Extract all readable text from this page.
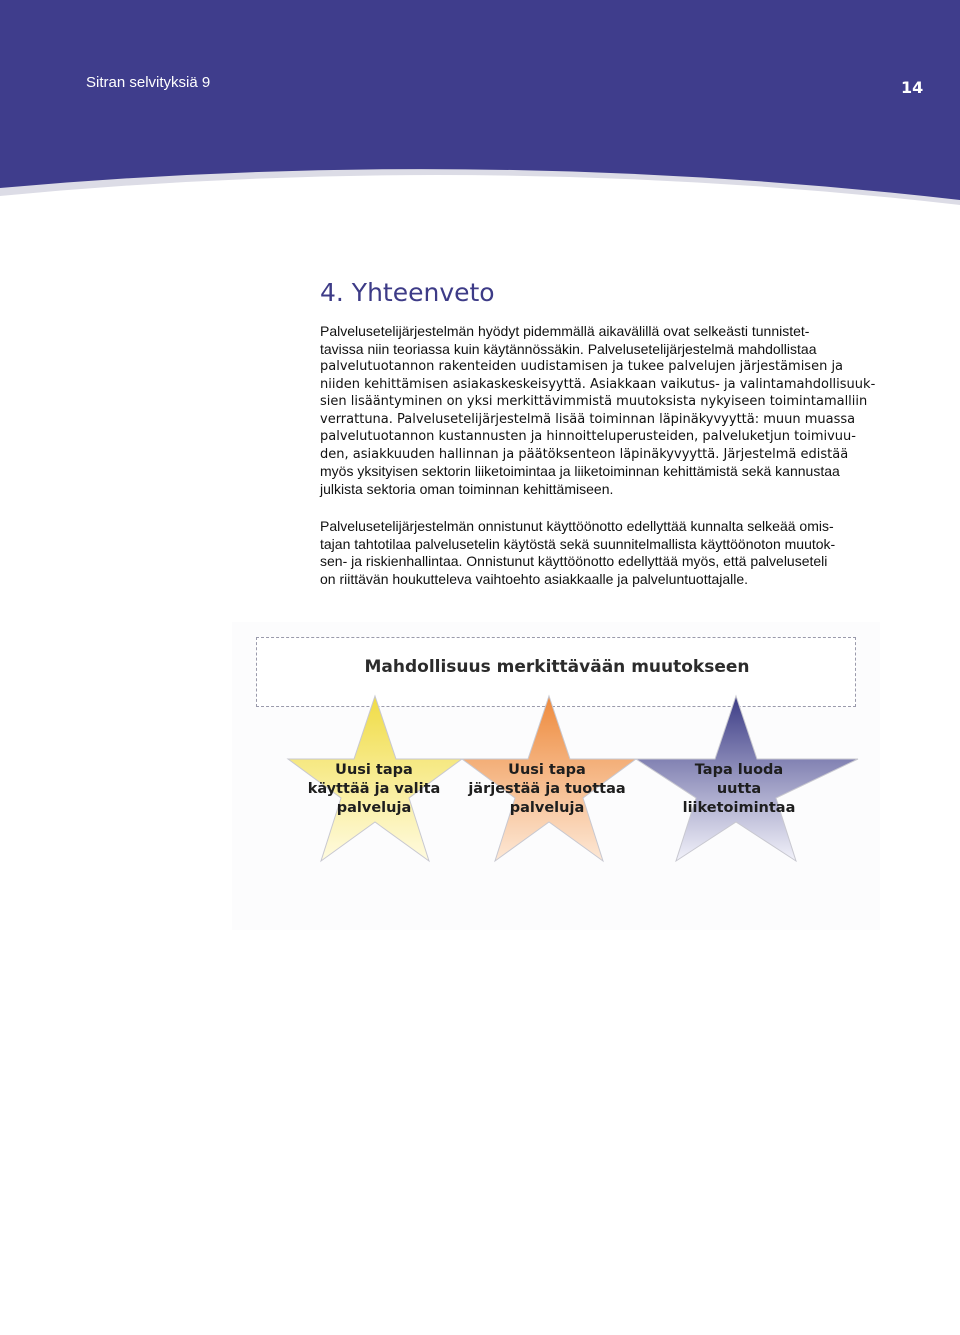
Sitran selvityksiä 9	14
4. Yhteenveto
Palvelusetelijärjestelmän hyödyt pidemmällä aikavälillä ovat selkeästi tunnistet-
tavissa niin teoriassa kuin käytännössäkin. Palvelusetelijärjestelmä mahdollistaa
palvelutuotannon rakenteiden uudistamisen ja tukee palvelujen järjestämisen ja
niiden kehittämisen asiakaskeskeisyyttä. Asiakkaan vaikutus- ja valintamahdollisuuk-
sien lisääntyminen on yksi merkittävimmistä muutoksista nykyiseen toimintamalliin
verrattuna. Palvelusetelijärjestelmä lisää toiminnan läpinäkyvyyttä: muun muassa
palvelutuotannon kustannusten ja hinnoitteluperusteiden, palveluketjun toimivuu-
den, asiakkuuden hallinnan ja päätöksenteon läpinäkyvyyttä. Järjestelmä edistää
myös yksityisen sektorin liiketoimintaa ja liiketoiminnan kehittämistä sekä kannustaa
julkista sektoria oman toiminnan kehittämiseen.
Palvelusetelijärjestelmän onnistunut käyttöönotto edellyttää kunnalta selkeää omis-
tajan tahtotilaa palvelusetelin käytöstä sekä suunnitelmallista käyttöönoton muutok-
sen- ja riskienhallintaa. Onnistunut käyttöönotto edellyttää myös, että palveluseteli
on riittävän houkutteleva vaihtoehto asiakkaalle ja palveluntuottajalle.
Mahdollisuus merkittävään muutokseen
Uusi tapa
käyttää ja valita
palveluja
Uusi tapa
järjestää ja tuottaa
palveluja
Tapa luoda
uutta
liiketoimintaa
